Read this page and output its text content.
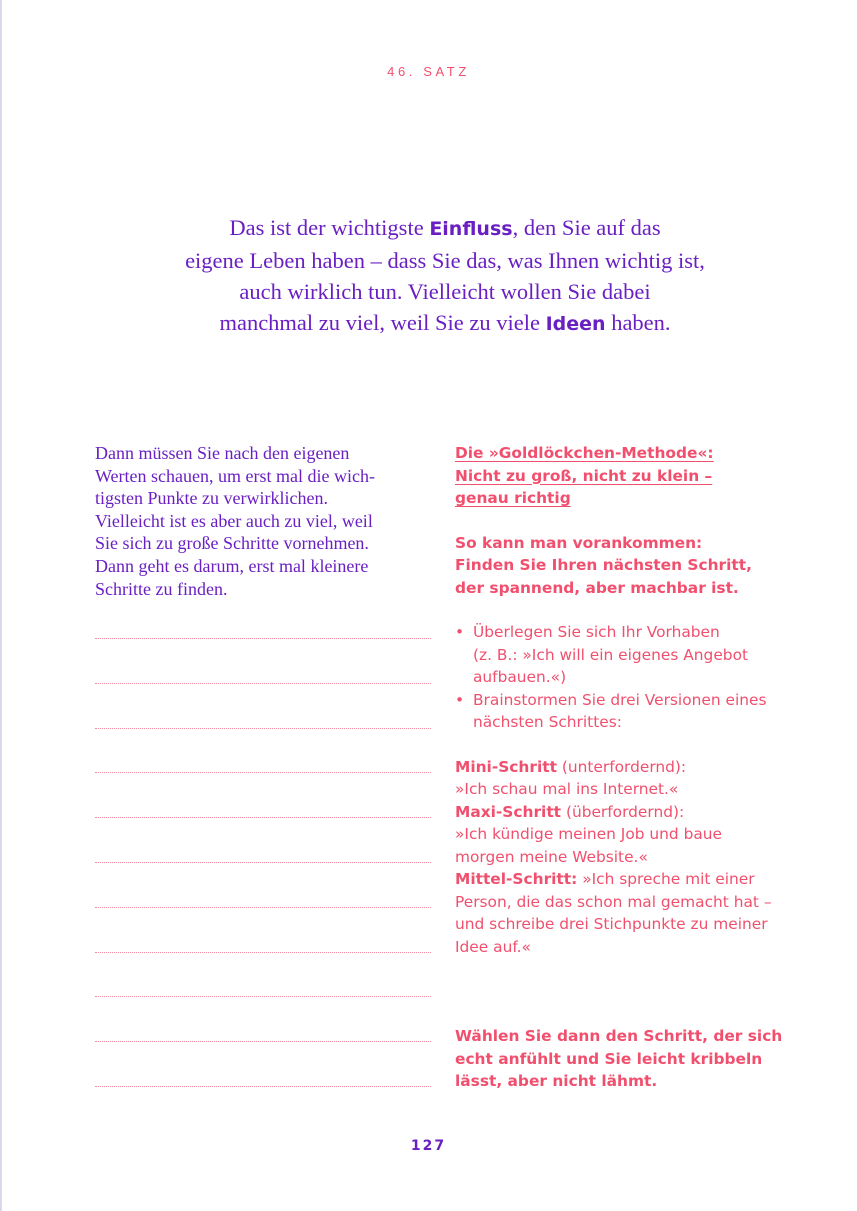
46. SATZ
Das ist der wichtigste Einfluss, den Sie auf das
eigene Leben haben – dass Sie das, was Ihnen wichtig ist,
auch wirklich tun. Vielleicht wollen Sie dabei
manchmal zu viel, weil Sie zu viele Ideen haben.
Dann müssen Sie nach den eigenen
Werten schauen, um erst mal die wich-
tigsten Punkte zu verwirklichen.
Vielleicht ist es aber auch zu viel, weil
Sie sich zu große Schritte vornehmen.
Dann geht es darum, erst mal kleinere
Schritte zu finden.
Die »Goldlöckchen-Methode«:
Nicht zu groß, nicht zu klein –
genau richtig
So kann man vorankommen:
Finden Sie Ihren nächsten Schritt,
der spannend, aber machbar ist.
• Überlegen Sie sich Ihr Vorhaben
(z. B.: »Ich will ein eigenes Angebot
aufbauen.«)
• Brainstormen Sie drei Versionen eines
nächsten Schrittes:
Mini-Schritt (unterfordernd):
»Ich schau mal ins Internet.«
Maxi-Schritt (überfordernd):
»Ich kündige meinen Job und baue
morgen meine Website.«
Mittel-Schritt: »Ich spreche mit einer
Person, die das schon mal gemacht hat –
und schreibe drei Stichpunkte zu meiner
Idee auf.«
Wählen Sie dann den Schritt, der sich
echt anfühlt und Sie leicht kribbeln
lässt, aber nicht lähmt.
127
